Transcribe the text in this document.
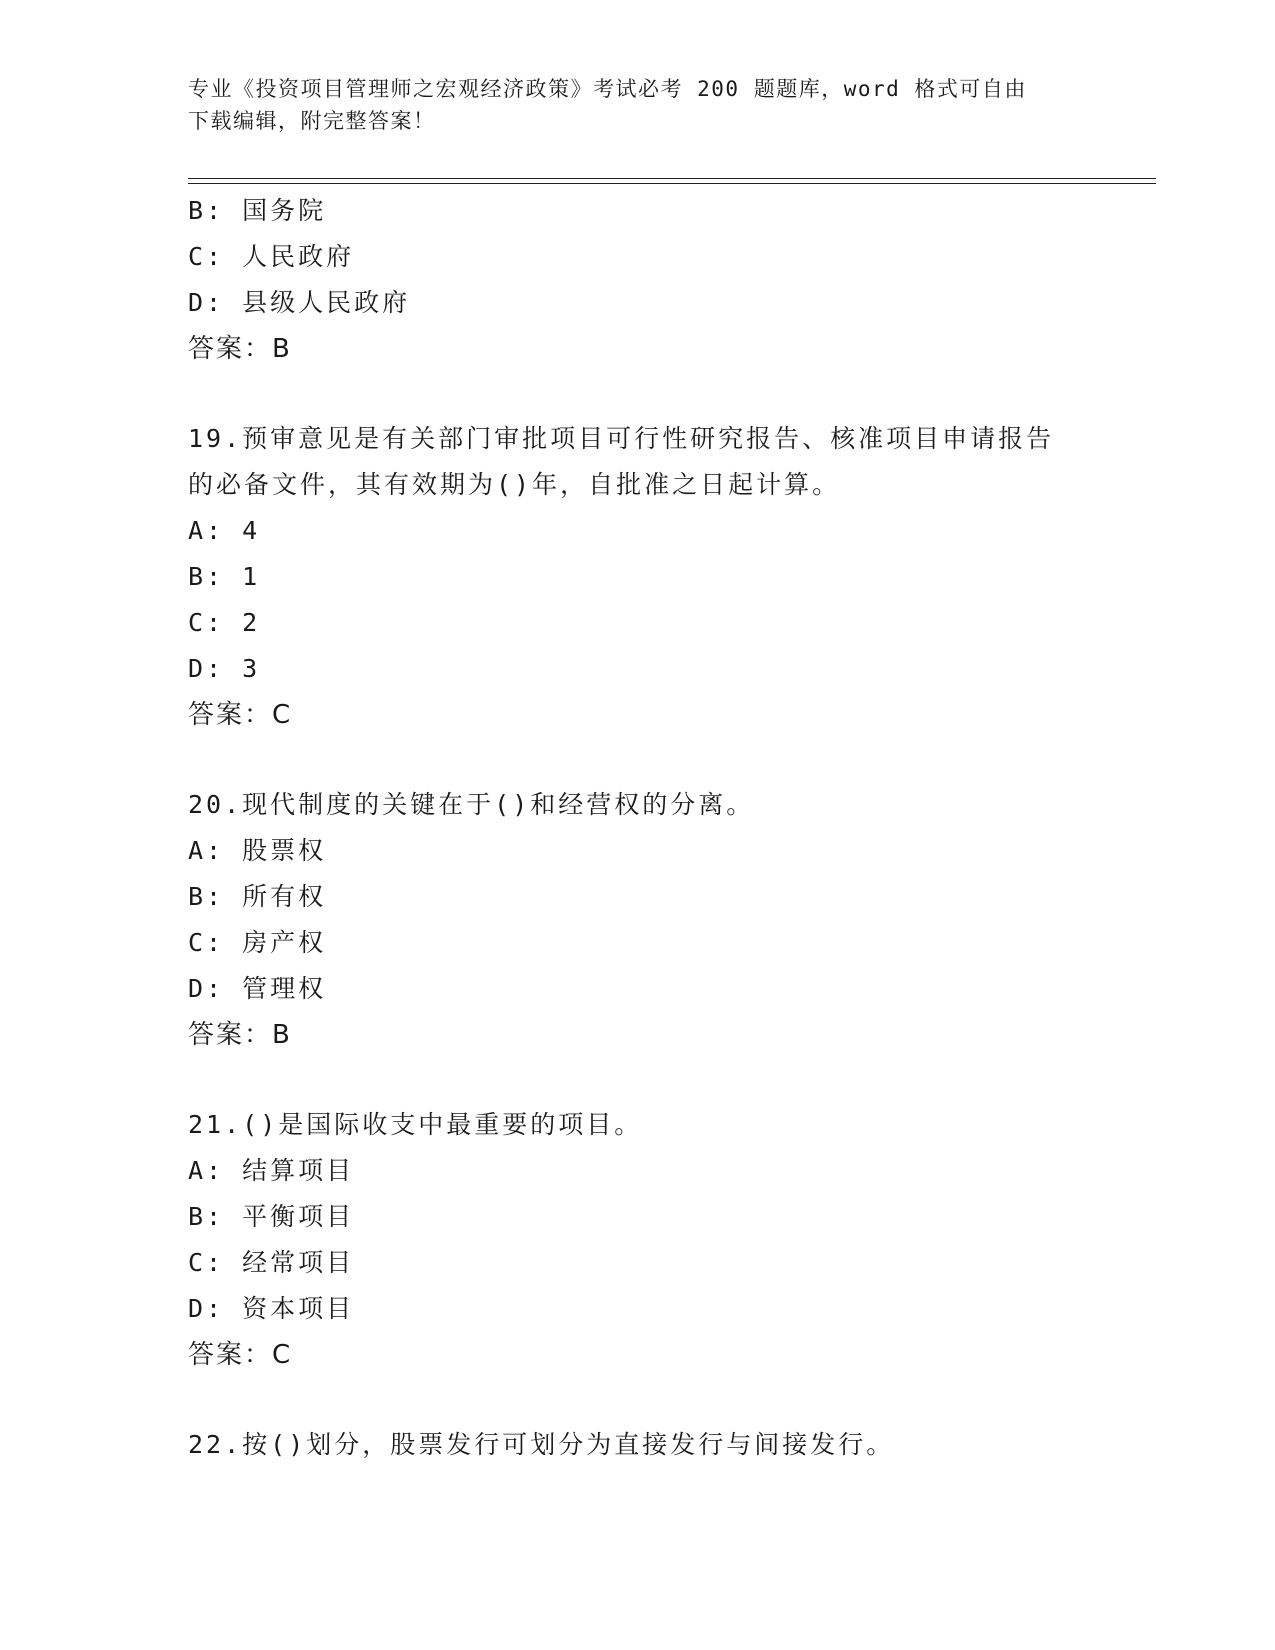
专业《投资项目管理师之宏观经济政策》考试必考 200 题题库，word 格式可自由
下载编辑，附完整答案！
B: 国务院
C: 人民政府
D: 县级人民政府
答案：B
19.预审意见是有关部门审批项目可行性研究报告、核准项目申请报告
的必备文件，其有效期为()年，自批准之日起计算。
A: 4
B: 1
C: 2
D: 3
答案：C
20.现代制度的关键在于()和经营权的分离。
A: 股票权
B: 所有权
C: 房产权
D: 管理权
答案：B
21.()是国际收支中最重要的项目。
A: 结算项目
B: 平衡项目
C: 经常项目
D: 资本项目
答案：C
22.按()划分，股票发行可划分为直接发行与间接发行。
